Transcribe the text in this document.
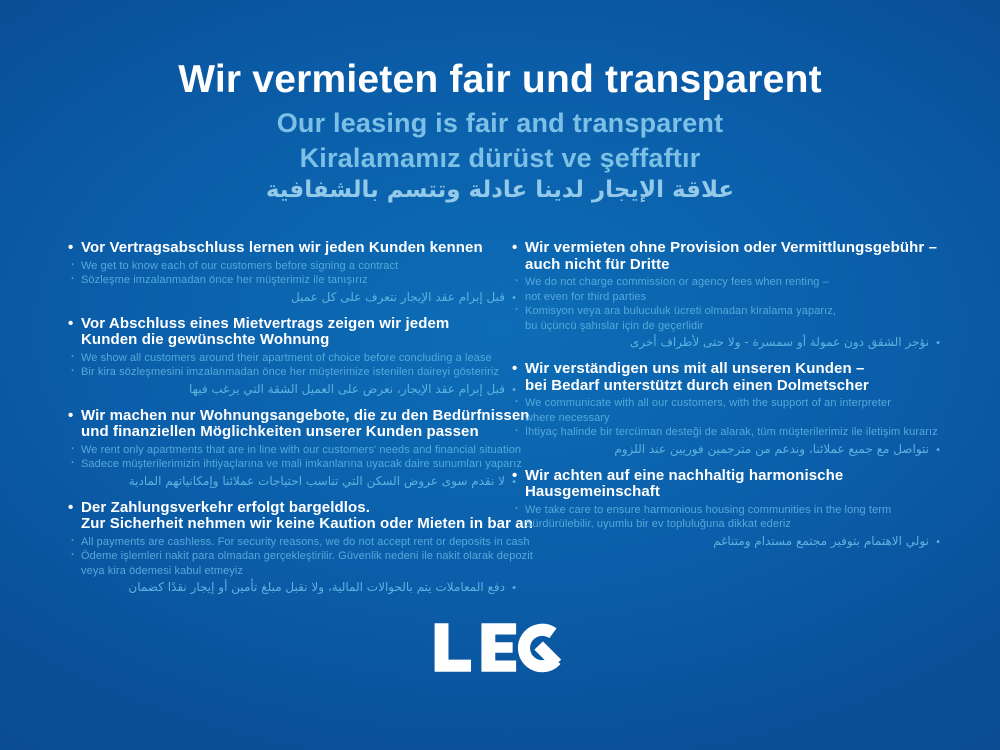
Wir vermieten fair und transparent
Our leasing is fair and transparent
Kiralamamız dürüst ve şeffaftır
علاقة الإيجار لدينا عادلة وتتسم بالشفافية
• Vor Vertragsabschluss lernen wir jeden Kunden kennen
· We get to know each of our customers before signing a contract
· Sözleşme imzalanmadan önce her müşterimiz ile tanışırız
• قبل إبرام عقد الإيجار نتعرف على كل عميل
• Vor Abschluss eines Mietvertrags zeigen wir jedem
Kunden die gewünschte Wohnung
· We show all customers around their apartment of choice before concluding a lease
· Bir kira sözleşmesini imzalanmadan önce her müşterimize istenilen daireyi gösteririz
• قبل إبرام عقد الإيجار، نعرض على العميل الشقة التي يرغب فيها
• Wir machen nur Wohnungsangebote, die zu den Bedürfnissen
und finanziellen Möglichkeiten unserer Kunden passen
· We rent only apartments that are in line with our customers' needs and financial situation
· Sadece müşterilerimizin ihtiyaçlarına ve mali imkanlarına uyacak daire sunumları yaparız
• لا نقدم سوى عروض السكن التي تناسب احتياجات عملائنا وإمكانياتهم المادية
• Der Zahlungsverkehr erfolgt bargeldlos.
Zur Sicherheit nehmen wir keine Kaution oder Mieten in bar an
· All payments are cashless. For security reasons, we do not accept rent or deposits in cash
· Ödeme işlemleri nakit para olmadan gerçekleştirilir. Güvenlik nedeni ile nakit olarak depozit
veya kira ödemesi kabul etmeyiz
• دفع المعاملات يتم بالحوالات المالية، ولا نقبل مبلغ تأمين أو إيجار نقدًا كضمان
• Wir vermieten ohne Provision oder Vermittlungsgebühr –
auch nicht für Dritte
· We do not charge commission or agency fees when renting –
not even for third parties
· Komisyon veya ara buluculuk ücreti olmadan kiralama yaparız,
bu üçüncü şahıslar için de geçerlidir
• نؤجر الشقق دون عمولة أو سمسرة - ولا حتى لأطراف أخرى
• Wir verständigen uns mit all unseren Kunden –
bei Bedarf unterstützt durch einen Dolmetscher
· We communicate with all our customers, with the support of an interpreter
where necessary
· İhtiyaç halinde bir tercüman desteği de alarak, tüm müşterilerimiz ile iletişim kurarız
• نتواصل مع جميع عملائنا، وندعم من مترجمين فوريين عند اللزوم
• Wir achten auf eine nachhaltig harmonische
Hausgemeinschaft
· We take care to ensure harmonious housing communities in the long term
· Sürdürülebilir, uyumlu bir ev topluluğuna dikkat ederiz
• نولي الاهتمام بتوفير مجتمع مستدام ومتناغم
